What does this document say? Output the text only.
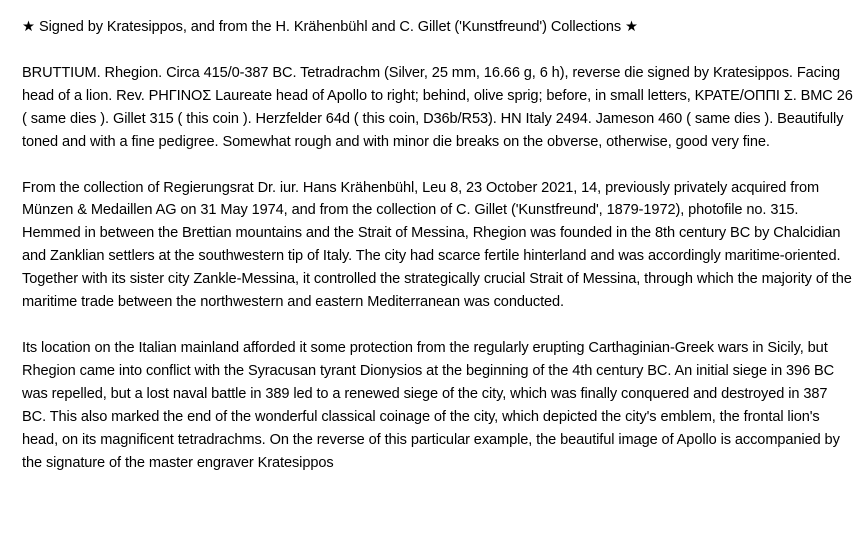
★ Signed by Kratesippos, and from the H. Krähenbühl and C. Gillet ('Kunstfreund') Collections ★

BRUTTIUM. Rhegion. Circa 415/0-387 BC. Tetradrachm (Silver, 25 mm, 16.66 g, 6 h), reverse die signed by Kratesippos. Facing head of a lion. Rev. ΡΗΓΙΝΟΣ Laureate head of Apollo to right; behind, olive sprig; before, in small letters, ΚΡΑΤΕ/ΟΠΠΙ Σ. BMC 26 ( same dies ). Gillet 315 ( this coin ). Herzfelder 64d ( this coin, D36b/R53). HN Italy 2494. Jameson 460 ( same dies ). Beautifully toned and with a fine pedigree. Somewhat rough and with minor die breaks on the obverse, otherwise, good very fine.

From the collection of Regierungsrat Dr. iur. Hans Krähenbühl, Leu 8, 23 October 2021, 14, previously privately acquired from Münzen & Medaillen AG on 31 May 1974, and from the collection of C. Gillet ('Kunstfreund', 1879-1972), photofile no. 315. Hemmed in between the Brettian mountains and the Strait of Messina, Rhegion was founded in the 8th century BC by Chalcidian and Zanklian settlers at the southwestern tip of Italy. The city had scarce fertile hinterland and was accordingly maritime-oriented. Together with its sister city Zankle-Messina, it controlled the strategically crucial Strait of Messina, through which the majority of the maritime trade between the northwestern and eastern Mediterranean was conducted.

Its location on the Italian mainland afforded it some protection from the regularly erupting Carthaginian-Greek wars in Sicily, but Rhegion came into conflict with the Syracusan tyrant Dionysios at the beginning of the 4th century BC. An initial siege in 396 BC was repelled, but a lost naval battle in 389 led to a renewed siege of the city, which was finally conquered and destroyed in 387 BC. This also marked the end of the wonderful classical coinage of the city, which depicted the city's emblem, the frontal lion's head, on its magnificent tetradrachms. On the reverse of this particular example, the beautiful image of Apollo is accompanied by the signature of the master engraver Kratesippos
